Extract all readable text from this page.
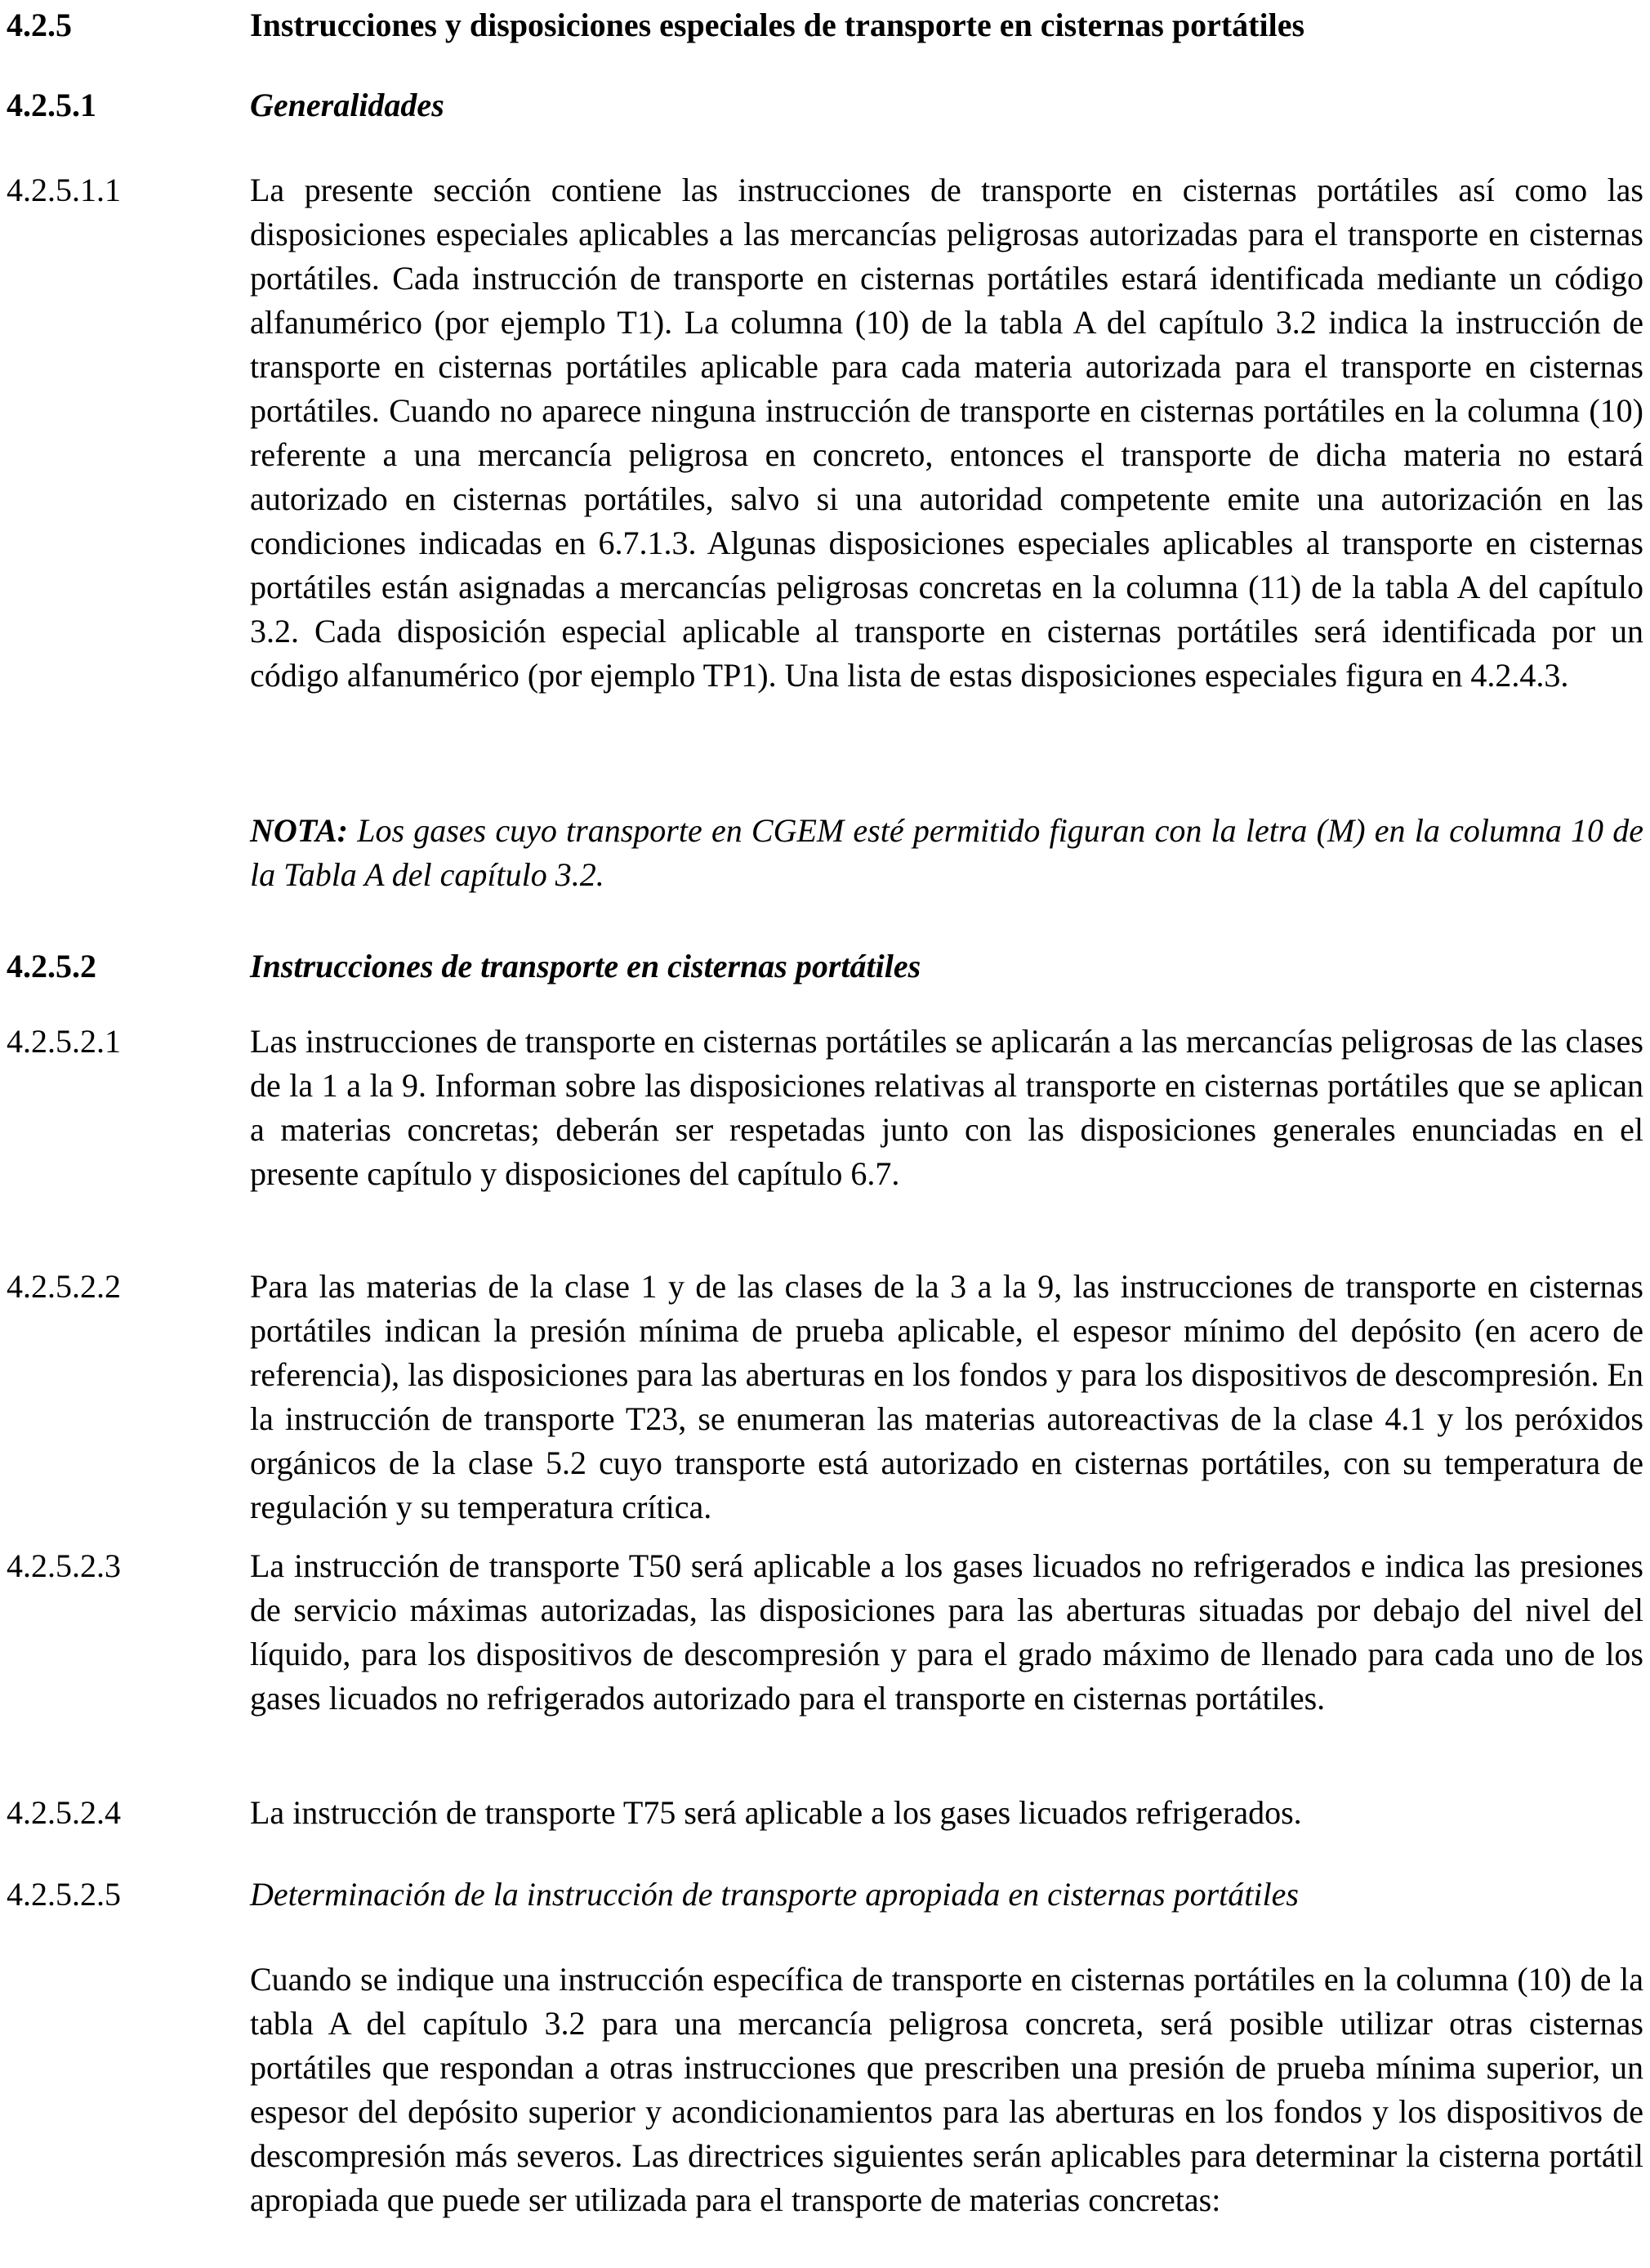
4.2.5	Instrucciones y disposiciones especiales de transporte en cisternas portátiles
4.2.5.1	Generalidades
4.2.5.1.1	La presente sección contiene las instrucciones de transporte en cisternas portátiles así como las disposiciones especiales aplicables a las mercancías peligrosas autorizadas para el transporte en cisternas portátiles. Cada instrucción de transporte en cisternas portátiles estará identificada mediante un código alfanumérico (por ejemplo T1). La columna (10) de la tabla A del capítulo 3.2 indica la instrucción de transporte en cisternas portátiles aplicable para cada materia autorizada para el transporte en cisternas portátiles. Cuando no aparece ninguna instrucción de transporte en cisternas portátiles en la columna (10) referente a una mercancía peligrosa en concreto, entonces el transporte de dicha materia no estará autorizado en cisternas portátiles, salvo si una autoridad competente emite una autorización en las condiciones indicadas en 6.7.1.3. Algunas disposiciones especiales aplicables al transporte en cisternas portátiles están asignadas a mercancías peligrosas concretas en la columna (11) de la tabla A del capítulo 3.2. Cada disposición especial aplicable al transporte en cisternas portátiles será identificada por un código alfanumérico (por ejemplo TP1). Una lista de estas disposiciones especiales figura en 4.2.4.3.
NOTA: Los gases cuyo transporte en CGEM esté permitido figuran con la letra (M) en la columna 10 de la Tabla A del capítulo 3.2.
4.2.5.2	Instrucciones de transporte en cisternas portátiles
4.2.5.2.1	Las instrucciones de transporte en cisternas portátiles se aplicarán a las mercancías peligrosas de las clases de la 1 a la 9. Informan sobre las disposiciones relativas al transporte en cisternas portátiles que se aplican a materias concretas; deberán ser respetadas junto con las disposiciones generales enunciadas en el presente capítulo y disposiciones del capítulo 6.7.
4.2.5.2.2	Para las materias de la clase 1 y de las clases de la 3 a la 9, las instrucciones de transporte en cisternas portátiles indican la presión mínima de prueba aplicable, el espesor mínimo del depósito (en acero de referencia), las disposiciones para las aberturas en los fondos y para los dispositivos de descompresión. En la instrucción de transporte T23, se enumeran las materias autoreactivas de la clase 4.1 y los peróxidos orgánicos de la clase 5.2 cuyo transporte está autorizado en cisternas portátiles, con su temperatura de regulación y su temperatura crítica.
4.2.5.2.3	La instrucción de transporte T50 será aplicable a los gases licuados no refrigerados e indica las presiones de servicio máximas autorizadas, las disposiciones para las aberturas situadas por debajo del nivel del líquido, para los dispositivos de descompresión y para el grado máximo de llenado para cada uno de los gases licuados no refrigerados autorizado para el transporte en cisternas portátiles.
4.2.5.2.4	La instrucción de transporte T75 será aplicable a los gases licuados refrigerados.
4.2.5.2.5	Determinación de la instrucción de transporte apropiada en cisternas portátiles
Cuando se indique una instrucción específica de transporte en cisternas portátiles en la columna (10) de la tabla A del capítulo 3.2 para una mercancía peligrosa concreta, será posible utilizar otras cisternas portátiles que respondan a otras instrucciones que prescriben una presión de prueba mínima superior, un espesor del depósito superior y acondicionamientos para las aberturas en los fondos y los dispositivos de descompresión más severos. Las directrices siguientes serán aplicables para determinar la cisterna portátil apropiada que puede ser utilizada para el transporte de materias concretas:
